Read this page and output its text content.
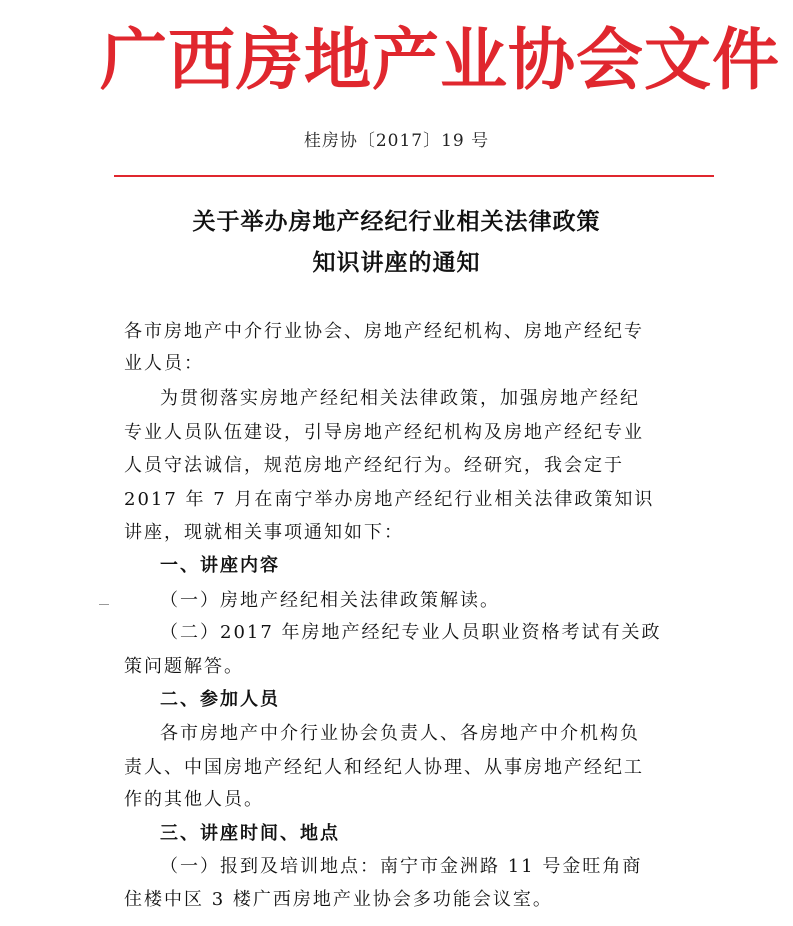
广西房地产业协会文件
桂房协〔2017〕19 号
关于举办房地产经纪行业相关法律政策
知识讲座的通知
各市房地产中介行业协会、房地产经纪机构、房地产经纪专
业人员：
为贯彻落实房地产经纪相关法律政策，加强房地产经纪
专业人员队伍建设，引导房地产经纪机构及房地产经纪专业
人员守法诚信，规范房地产经纪行为。经研究，我会定于
2017 年 7 月在南宁举办房地产经纪行业相关法律政策知识
讲座，现就相关事项通知如下：
一、讲座内容
（一）房地产经纪相关法律政策解读。
（二）2017 年房地产经纪专业人员职业资格考试有关政
策问题解答。
二、参加人员
各市房地产中介行业协会负责人、各房地产中介机构负
责人、中国房地产经纪人和经纪人协理、从事房地产经纪工
作的其他人员。
三、讲座时间、地点
（一）报到及培训地点：南宁市金洲路 11 号金旺角商
住楼中区 3 楼广西房地产业协会多功能会议室。
